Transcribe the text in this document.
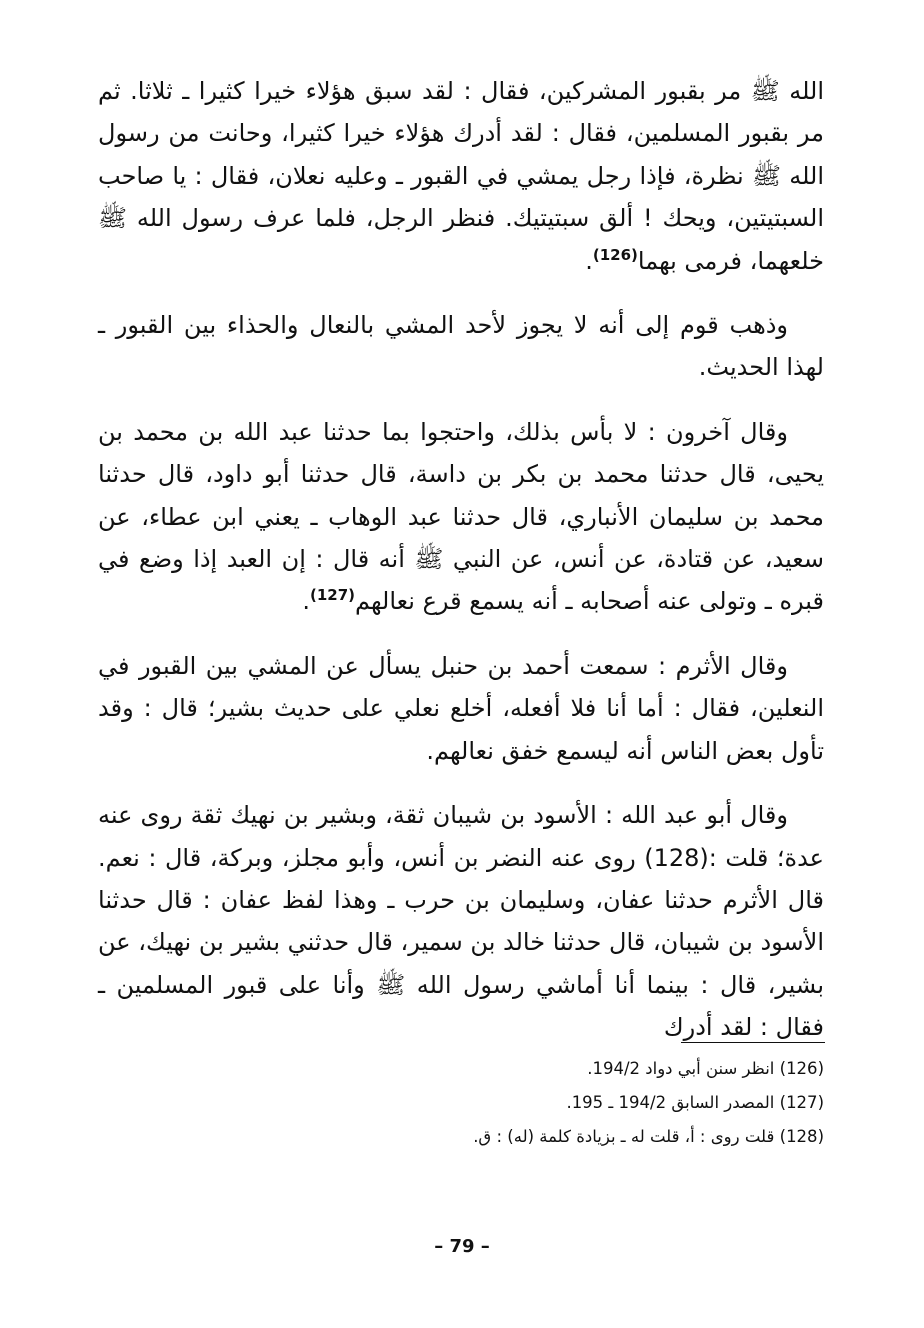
الله ﷺ مر بقبور المشركين، فقال : لقد سبق هؤلاء خيرا كثيرا ـ ثلاثا. ثم مر بقبور المسلمين، فقال : لقد أدرك هؤلاء خيرا كثيرا، وحانت من رسول الله ﷺ نظرة، فإذا رجل يمشي في القبور ـ وعليه نعلان، فقال : يا صاحب السبتيتين، ويحك ! ألق سبتيتيك. فنظر الرجل، فلما عرف رسول الله ﷺ خلعهما، فرمى بهما$^{(126)}$.

وذهب قوم إلى أنه لا يجوز لأحد المشي بالنعال والحذاء بين القبور ـ لهذا الحديث.

وقال آخرون : لا بأس بذلك، واحتجوا بما حدثنا عبد الله بن محمد بن يحيى، قال حدثنا محمد بن بكر بن داسة، قال حدثنا أبو داود، قال حدثنا محمد بن سليمان الأنباري، قال حدثنا عبد الوهاب ـ يعني ابن عطاء، عن سعيد، عن قتادة، عن أنس، عن النبي ﷺ أنه قال : إن العبد إذا وضع في قبره ـ وتولى عنه أصحابه ـ أنه يسمع قرع نعالهم$^{(127)}$.

وقال الأثرم : سمعت أحمد بن حنبل يسأل عن المشي بين القبور في النعلين، فقال : أما أنا فلا أفعله، أخلع نعلي على حديث بشير؛ قال : وقد تأول بعض الناس أنه ليسمع خفق نعالهم.

وقال أبو عبد الله : الأسود بن شيبان ثقة، وبشير بن نهيك ثقة روى عنه عدة؛ قلت :(128) روى عنه النضر بن أنس، وأبو مجلز، وبركة، قال : نعم. قال الأثرم حدثنا عفان، وسليمان بن حرب ـ وهذا لفظ عفان : قال حدثنا الأسود بن شيبان، قال حدثنا خالد بن سمير، قال حدثني بشير بن نهيك، عن بشير، قال : بينما أنا أماشي رسول الله ﷺ وأنا على قبور المسلمين ـ فقال : لقد أدرك

(126) انظر سنن أبي دواد 194/2.

(127) المصدر السابق 194/2 ـ 195.

(128) قلت روى : أ، قلت له ـ بزيادة كلمة (له) : ق.

– 79 –
